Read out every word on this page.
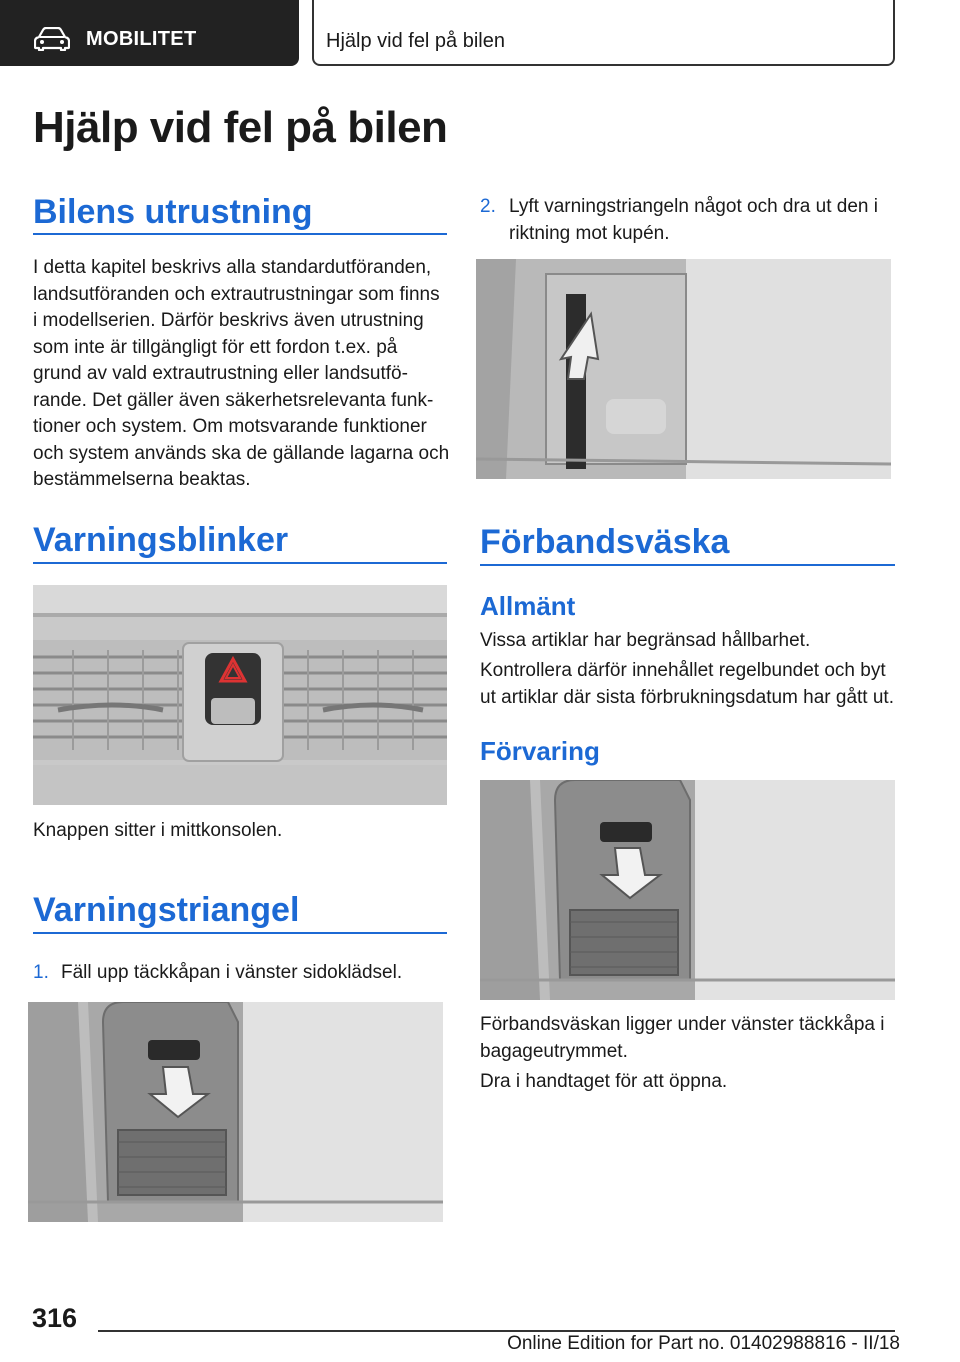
MOBILITET	Hjälp vid fel på bilen
Hjälp vid fel på bilen
Bilens utrustning
I detta kapitel beskrivs alla standardutföranden,
landsutföranden och extrautrustningar som finns
i modellserien. Därför beskrivs även utrustning
som inte är tillgängligt för ett fordon t.ex. på
grund av vald extrautrustning eller landsutfö-
rande. Det gäller även säkerhetsrelevanta funk-
tioner och system. Om motsvarande funktioner
och system används ska de gällande lagarna och
bestämmelserna beaktas.
Varningsblinker
Knappen sitter i mittkonsolen.
Varningstriangel
1. Fäll upp täckkåpan i vänster sidoklädsel.
2. Lyft varningstriangeln något och dra ut den i
riktning mot kupén.
Förbandsväska
Allmänt
Vissa artiklar har begränsad hållbarhet.
Kontrollera därför innehållet regelbundet och byt
ut artiklar där sista förbrukningsdatum har gått ut.
Förvaring
Förbandsväskan ligger under vänster täckkåpa i
bagageutrymmet.
Dra i handtaget för att öppna.
316
Online Edition for Part no. 01402988816 - II/18
